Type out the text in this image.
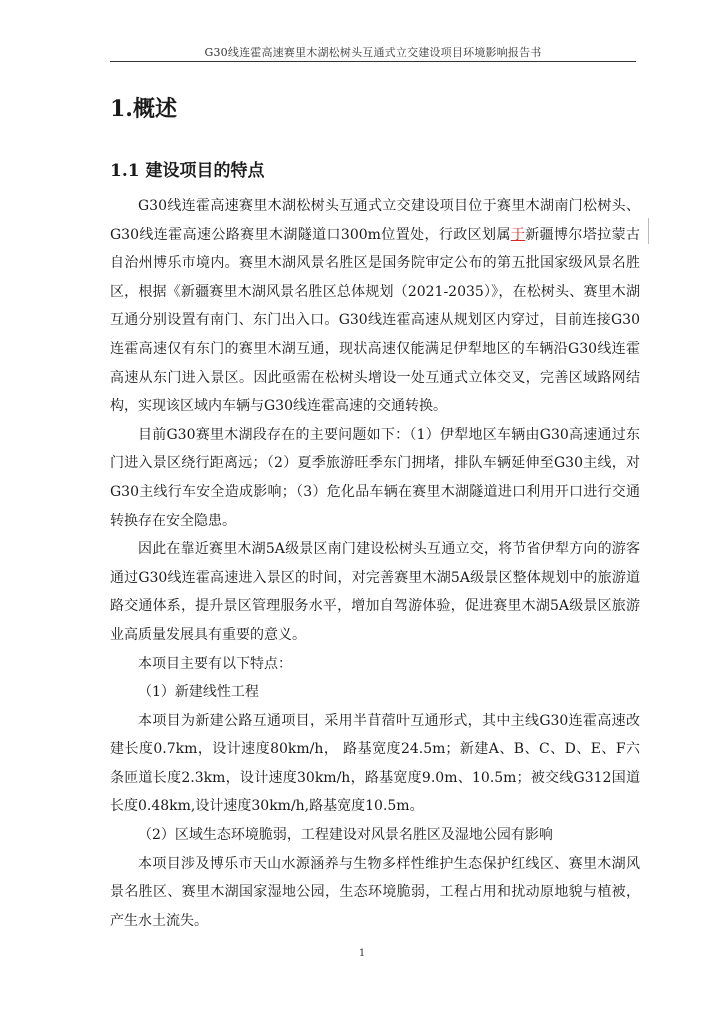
G30线连霍高速赛里木湖松树头互通式立交建设项目环境影响报告书
1.概述
1.1 建设项目的特点

G30线连霍高速赛里木湖松树头互通式立交建设项目位于赛里木湖南门松树头、G30线连霍高速公路赛里木湖隧道口300m位置处，行政区划属于新疆博尔塔拉蒙古自治州博乐市境内。赛里木湖风景名胜区是国务院审定公布的第五批国家级风景名胜区，根据《新疆赛里木湖风景名胜区总体规划（2021-2035）》，在松树头、赛里木湖互通分别设置有南门、东门出入口。G30线连霍高速从规划区内穿过，目前连接G30连霍高速仅有东门的赛里木湖互通，现状高速仅能满足伊犁地区的车辆沿G30线连霍高速从东门进入景区。因此亟需在松树头增设一处互通式立体交叉，完善区域路网结构，实现该区域内车辆与G30线连霍高速的交通转换。

目前G30赛里木湖段存在的主要问题如下：（1）伊犁地区车辆由G30高速通过东门进入景区绕行距离远；（2）夏季旅游旺季东门拥堵，排队车辆延伸至G30主线，对G30主线行车安全造成影响；（3）危化品车辆在赛里木湖隧道进口利用开口进行交通转换存在安全隐患。

因此在靠近赛里木湖5A级景区南门建设松树头互通立交，将节省伊犁方向的游客通过G30线连霍高速进入景区的时间，对完善赛里木湖5A级景区整体规划中的旅游道路交通体系，提升景区管理服务水平，增加自驾游体验，促进赛里木湖5A级景区旅游业高质量发展具有重要的意义。

本项目主要有以下特点：

（1）新建线性工程

本项目为新建公路互通项目，采用半苜蓿叶互通形式，其中主线G30连霍高速改建长度0.7km，设计速度80km/h， 路基宽度24.5m；新建A、B、C、D、E、F六条匝道长度2.3km，设计速度30km/h，路基宽度9.0m、10.5m；被交线G312国道长度0.48km,设计速度30km/h,路基宽度10.5m。

（2）区域生态环境脆弱，工程建设对风景名胜区及湿地公园有影响

本项目涉及博乐市天山水源涵养与生物多样性维护生态保护红线区、赛里木湖风景名胜区、赛里木湖国家湿地公园，生态环境脆弱，工程占用和扰动原地貌与植被，产生水土流失。

1
